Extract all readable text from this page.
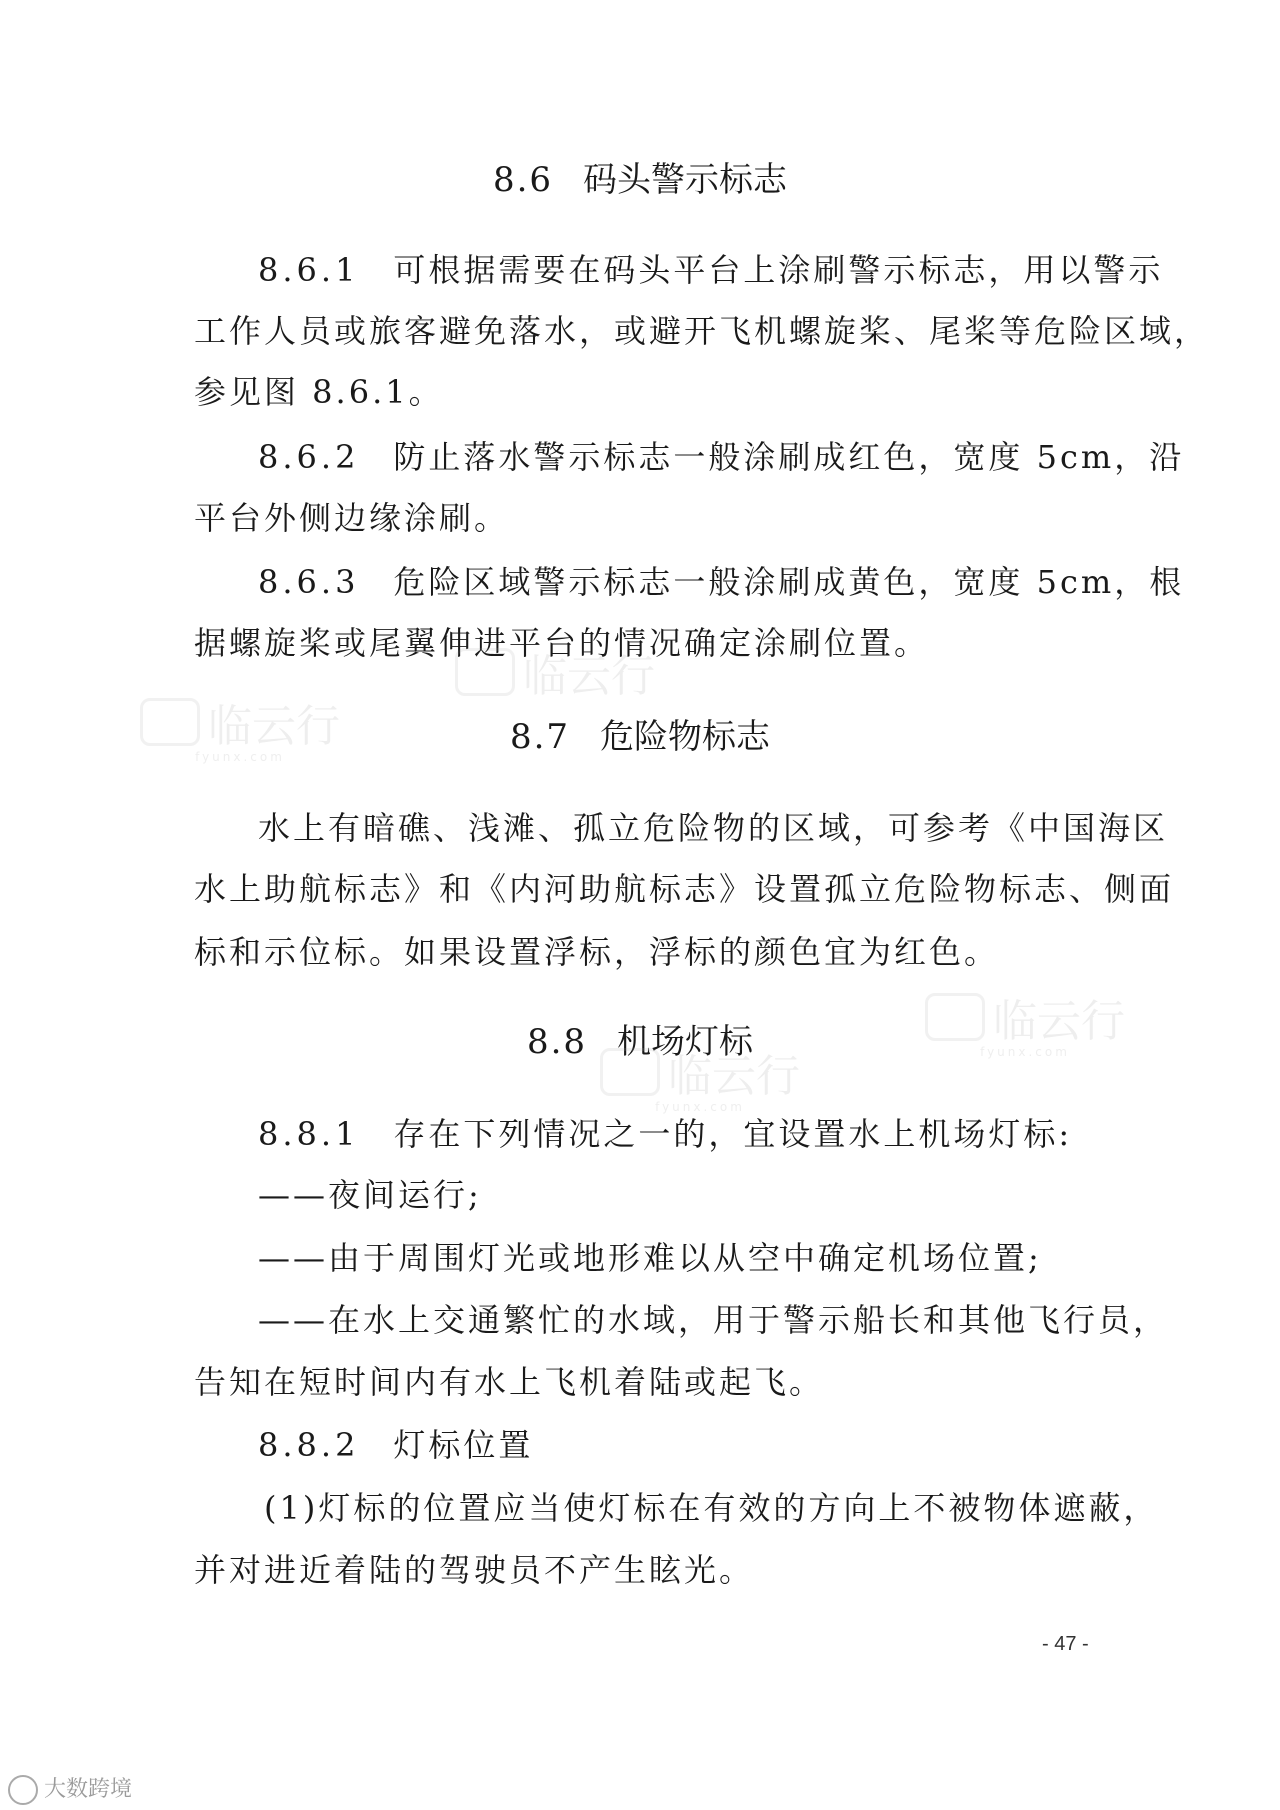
8.6 码头警示标志
8.6.1 可根据需要在码头平台上涂刷警示标志，用以警示
工作人员或旅客避免落水，或避开飞机螺旋桨、尾桨等危险区域，
参见图 8.6.1。
8.6.2 防止落水警示标志一般涂刷成红色，宽度 5cm，沿
平台外侧边缘涂刷。
8.6.3 危险区域警示标志一般涂刷成黄色，宽度 5cm，根
据螺旋桨或尾翼伸进平台的情况确定涂刷位置。
8.7 危险物标志
水上有暗礁、浅滩、孤立危险物的区域，可参考《中国海区
水上助航标志》和《内河助航标志》设置孤立危险物标志、侧面
标和示位标。如果设置浮标，浮标的颜色宜为红色。
8.8 机场灯标
8.8.1 存在下列情况之一的，宜设置水上机场灯标:
——夜间运行;
——由于周围灯光或地形难以从空中确定机场位置;
——在水上交通繁忙的水域，用于警示船长和其他飞行员，
告知在短时间内有水上飞机着陆或起飞。
8.8.2 灯标位置
(1)灯标的位置应当使灯标在有效的方向上不被物体遮蔽，
并对进近着陆的驾驶员不产生眩光。
- 47 -
临云行
fyunx.com
临云行
临云行
fyunx.com
临云行
fyunx.com
大数跨境
